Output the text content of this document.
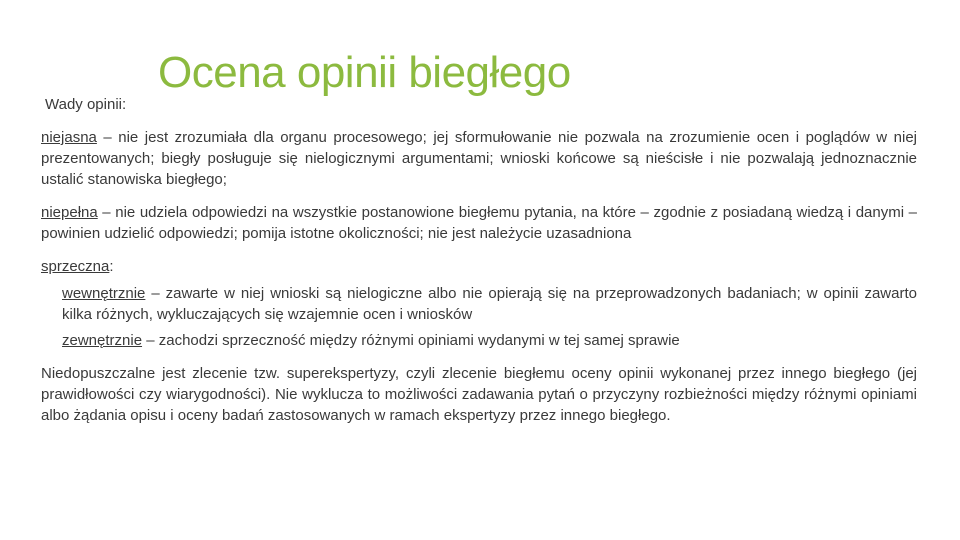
Ocena opinii biegłego
Wady opinii:

niejasna – nie jest zrozumiała dla organu procesowego; jej sformułowanie nie pozwala na zrozumienie ocen i poglądów w niej prezentowanych; biegły posługuje się nielogicznymi argumentami; wnioski końcowe są nieścisłe i nie pozwalają jednoznacznie ustalić stanowiska biegłego;

niepełna – nie udziela odpowiedzi na wszystkie postanowione biegłemu pytania, na które – zgodnie z posiadaną wiedzą i danymi – powinien udzielić odpowiedzi; pomija istotne okoliczności; nie jest należycie uzasadniona

sprzeczna:

wewnętrznie – zawarte w niej wnioski są nielogiczne albo nie opierają się na przeprowadzonych badaniach; w opinii zawarto kilka różnych, wykluczających się wzajemnie ocen i wniosków

zewnętrznie – zachodzi sprzeczność między różnymi opiniami wydanymi w tej samej sprawie

Niedopuszczalne jest zlecenie tzw. superekspertyzy, czyli zlecenie biegłemu oceny opinii wykonanej przez innego biegłego (jej prawidłowości czy wiarygodności). Nie wyklucza to możliwości zadawania pytań o przyczyny rozbieżności między różnymi opiniami albo żądania opisu i oceny badań zastosowanych w ramach ekspertyzy przez innego biegłego.
